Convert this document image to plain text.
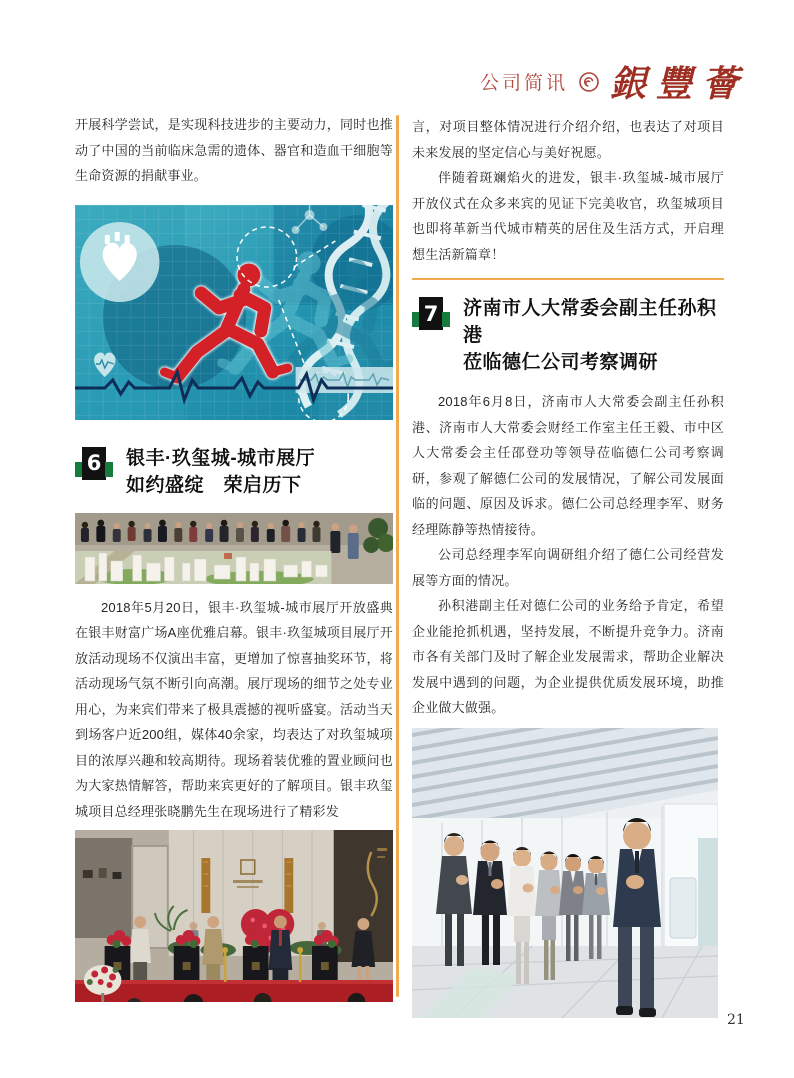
公司简讯 銀豐薈

开展科学尝试，是实现科技进步的主要动力，同时也推动了中国的当前临床急需的遗体、器官和造血干细胞等生命资源的捐献事业。

6 银丰·玖玺城-城市展厅
如约盛绽　荣启历下

2018年5月20日，银丰·玖玺城-城市展厅开放盛典在银丰财富广场A座优雅启幕。银丰·玖玺城项目展厅开放活动现场不仅演出丰富，更增加了惊喜抽奖环节，将活动现场气氛不断引向高潮。展厅现场的细节之处专业用心，为来宾们带来了极具震撼的视听盛宴。活动当天到场客户近200组，媒体40余家，均表达了对玖玺城项目的浓厚兴趣和较高期待。现场着装优雅的置业顾问也为大家热情解答，帮助来宾更好的了解项目。银丰玖玺城项目总经理张晓鹏先生在现场进行了精彩发

言，对项目整体情况进行介绍介绍，也表达了对项目未来发展的坚定信心与美好祝愿。

伴随着斑斓焰火的进发，银丰·玖玺城-城市展厅开放仪式在众多来宾的见证下完美收官，玖玺城项目也即将革新当代城市精英的居住及生活方式，开启理想生活新篇章！

7 济南市人大常委会副主任孙积港
莅临德仁公司考察调研

2018年6月8日，济南市人大常委会副主任孙积港、济南市人大常委会财经工作室主任王毅、市中区人大常委会主任邵登功等领导莅临德仁公司考察调研，参观了解德仁公司的发展情况，了解公司发展面临的问题、原因及诉求。德仁公司总经理李军、财务经理陈静等热情接待。

公司总经理李军向调研组介绍了德仁公司经营发展等方面的情况。

孙积港副主任对德仁公司的业务给予肯定，希望企业能抢抓机遇，坚持发展，不断提升竞争力。济南市各有关部门及时了解企业发展需求，帮助企业解决发展中遇到的问题，为企业提供优质发展环境，助推企业做大做强。

21
